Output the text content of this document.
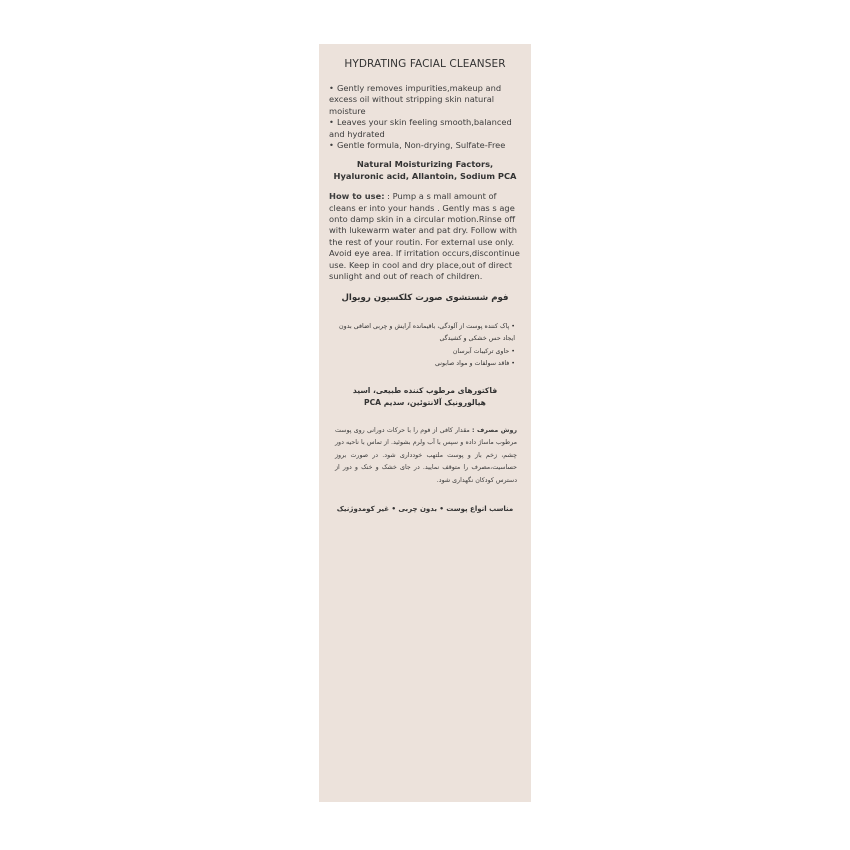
HYDRATING FACIAL CLEANSER
• Gently removes impurities,makeup and excess oil without stripping skin natural moisture
• Leaves your skin feeling smooth,balanced and hydrated
• Gentle formula, Non-drying, Sulfate-Free
Natural Moisturizing Factors, Hyaluronic acid, Allantoin, Sodium PCA

How to use: : Pump a s mall amount of cleans er into your hands . Gently mas s age onto damp skin in a circular motion.Rinse off with lukewarm water and pat dry. Follow with the rest of your routin. For external use only. Avoid eye area. If irritation occurs,discontinue use. Keep in cool and dry place,out of direct sunlight and out of reach of children.

فوم شستشوی صورت کلکسیون رویوال
• پاک کننده پوست از آلودگی، باقیمانده آرایش و چربی اضافی بدون ایجاد حس خشکی و کشیدگی
• حاوی ترکیبات آبرسان
• فاقد سولفات و مواد صابونی
فاکتورهای مرطوب کننده طبیعی، اسید هیالورونیک آلانتوئین، سدیم PCA

روش مصرف : مقدار کافی از فوم را با حرکات دورانی روی پوست مرطوب ماساژ داده و سپس با آب ولرم بشوئید. از تماس با ناحیه دور چشم، زخم باز و پوست ملتهب خودداری شود. در صورت بروز حساسیت،مصرف را متوقف نمایید. در جای خشک و خنک و دور از دسترس کودکان نگهداری شود.

مناسب انواع پوست • بدون چربی • غیر کومدوژنیک
